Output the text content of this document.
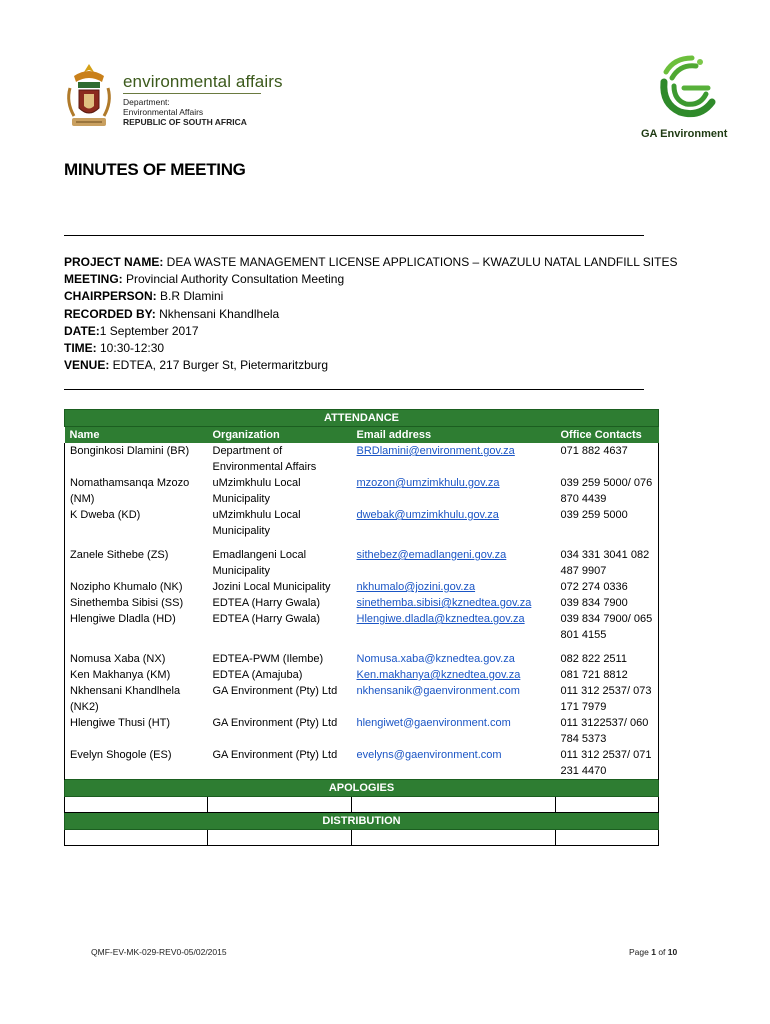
environmental affairs
Department:
Environmental Affairs
REPUBLIC OF SOUTH AFRICA
GA Environment
MINUTES OF MEETING
PROJECT NAME: DEA WASTE MANAGEMENT LICENSE APPLICATIONS – KWAZULU NATAL LANDFILL SITES
MEETING: Provincial Authority Consultation Meeting
CHAIRPERSON: B.R Dlamini
RECORDED BY: Nkhensani Khandlhela
DATE:1 September 2017
TIME: 10:30-12:30
VENUE: EDTEA, 217 Burger St, Pietermaritzburg
ATTENDANCE			
Name	Organization	Email address	Office Contacts
Bonginkosi Dlamini (BR)	Department of Environmental Affairs	BRDlamini@environment.gov.za	071 882 4637
Nomathamsanqa Mzozo (NM)	uMzimkhulu Local Municipality	mzozon@umzimkhulu.gov.za	039 259 5000/ 076 870 4439
K Dweba (KD)	uMzimkhulu Local Municipality	dwebak@umzimkhulu.gov.za	039 259 5000

Zanele Sithebe (ZS)	Emadlangeni Local Municipality	sithebez@emadlangeni.gov.za	034 331 3041 082 487 9907
Nozipho Khumalo (NK)	Jozini Local Municipality	nkhumalo@jozini.gov.za	072 274 0336
Sinethemba Sibisi (SS)	EDTEA (Harry Gwala)	sinethemba.sibisi@kznedtea.gov.za	039 834 7900
Hlengiwe Dladla (HD)	EDTEA (Harry Gwala)	Hlengiwe.dladla@kznedtea.gov.za	039 834 7900/ 065 801 4155

Nomusa Xaba (NX)	EDTEA-PWM (Ilembe)	Nomusa.xaba@kznedtea.gov.za	082 822 2511
Ken Makhanya (KM)	EDTEA (Amajuba)	Ken.makhanya@kznedtea.gov.za	081 721 8812
Nkhensani Khandlhela (NK2)	GA Environment (Pty) Ltd	nkhensanik@gaenvironment.com	011 312 2537/ 073 171 7979
Hlengiwe Thusi (HT)	GA Environment (Pty) Ltd	hlengiwet@gaenvironment.com	011 3122537/ 060 784 5373
Evelyn Shogole (ES)	GA Environment (Pty) Ltd	evelyns@gaenvironment.com	011 312 2537/ 071 231 4470
APOLOGIES			

DISTRIBUTION			

QMF-EV-MK-029-REV0-05/02/2015	Page 1 of 10
